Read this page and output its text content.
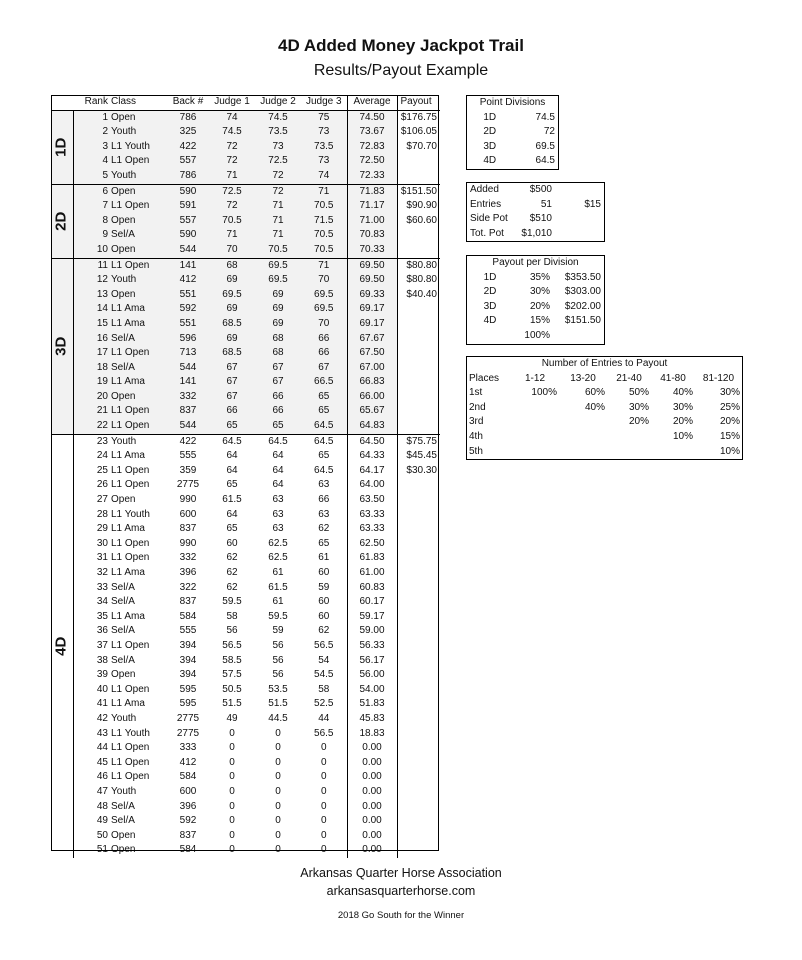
4D Added Money Jackpot Trail
Results/Payout Example
	Rank	Class	Back #	Judge 1	Judge 2	Judge 3	Average	Payout
1D	1	Open	786	74	74.5	75	74.50	$176.75
	2	Youth	325	74.5	73.5	73	73.67	$106.05
	3	L1 Youth	422	72	73	73.5	72.83	$70.70
	4	L1 Open	557	72	72.5	73	72.50	
	5	Youth	786	71	72	74	72.33	
2D	6	Open	590	72.5	72	71	71.83	$151.50
	7	L1 Open	591	72	71	70.5	71.17	$90.90
	8	Open	557	70.5	71	71.5	71.00	$60.60
	9	Sel/A	590	71	71	70.5	70.83	
	10	Open	544	70	70.5	70.5	70.33	
3D	11	L1 Open	141	68	69.5	71	69.50	$80.80
	12	Youth	412	69	69.5	70	69.50	$80.80
	13	Open	551	69.5	69	69.5	69.33	$40.40
	14	L1 Ama	592	69	69	69.5	69.17	
	15	L1 Ama	551	68.5	69	70	69.17	
	16	Sel/A	596	69	68	66	67.67	
	17	L1 Open	713	68.5	68	66	67.50	
	18	Sel/A	544	67	67	67	67.00	
	19	L1 Ama	141	67	67	66.5	66.83	
	20	Open	332	67	66	65	66.00	
	21	L1 Open	837	66	66	65	65.67	
	22	L1 Open	544	65	65	64.5	64.83	
4D	23	Youth	422	64.5	64.5	64.5	64.50	$75.75
	24	L1 Ama	555	64	64	65	64.33	$45.45
	25	L1 Open	359	64	64	64.5	64.17	$30.30
	26	L1 Open	2775	65	64	63	64.00	
	27	Open	990	61.5	63	66	63.50	
	28	L1 Youth	600	64	63	63	63.33	
	29	L1 Ama	837	65	63	62	63.33	
	30	L1 Open	990	60	62.5	65	62.50	
	31	L1 Open	332	62	62.5	61	61.83	
	32	L1 Ama	396	62	61	60	61.00	
	33	Sel/A	322	62	61.5	59	60.83	
	34	Sel/A	837	59.5	61	60	60.17	
	35	L1 Ama	584	58	59.5	60	59.17	
	36	Sel/A	555	56	59	62	59.00	
	37	L1 Open	394	56.5	56	56.5	56.33	
	38	Sel/A	394	58.5	56	54	56.17	
	39	Open	394	57.5	56	54.5	56.00	
	40	L1 Open	595	50.5	53.5	58	54.00	
	41	L1 Ama	595	51.5	51.5	52.5	51.83	
	42	Youth	2775	49	44.5	44	45.83	
	43	L1 Youth	2775	0	0	56.5	18.83	
	44	L1 Open	333	0	0	0	0.00	
	45	L1 Open	412	0	0	0	0.00	
	46	L1 Open	584	0	0	0	0.00	
	47	Youth	600	0	0	0	0.00	
	48	Sel/A	396	0	0	0	0.00	
	49	Sel/A	592	0	0	0	0.00	
	50	Open	837	0	0	0	0.00	
	51	Open	584	0	0	0	0.00	
Point Divisions	
1D	74.5
2D	72
3D	69.5
4D	64.5
Added	$500	
Entries	51	$15
Side Pot	$510	
Tot. Pot	$1,010	
Payout per Division		
1D	35%	$353.50
2D	30%	$303.00
3D	20%	$202.00
4D	15%	$151.50
	100%	
Number of Entries to Payout					
Places	1-12	13-20	21-40	41-80	81-120
1st	100%	60%	50%	40%	30%
2nd		40%	30%	30%	25%
3rd			20%	20%	20%
4th				10%	15%
5th					10%
Arkansas Quarter Horse Association
arkansasquarterhorse.com
2018 Go South for the Winner
